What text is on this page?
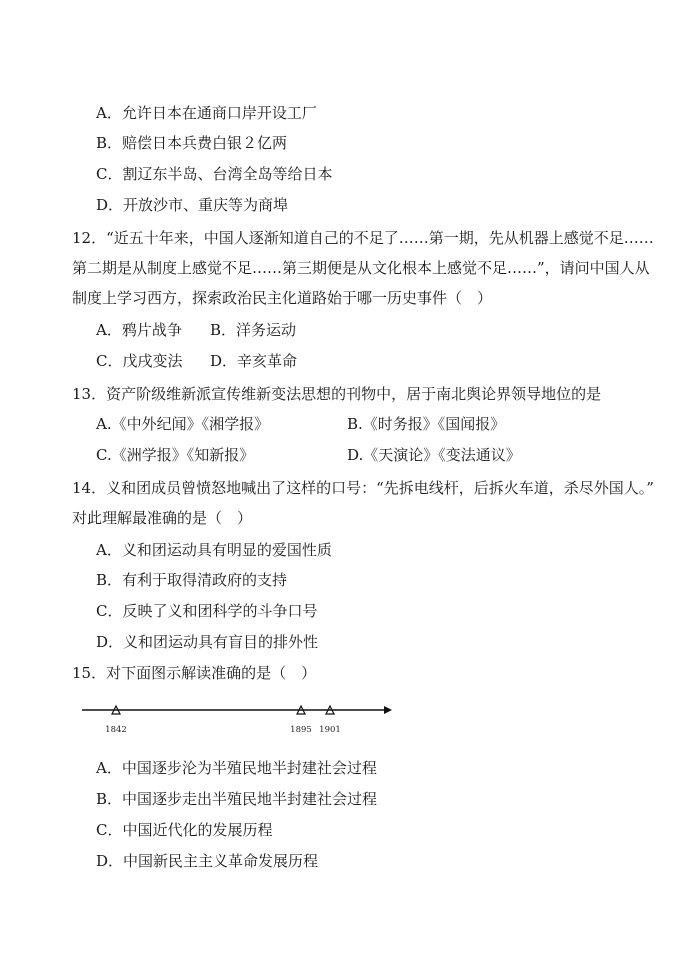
A．允许日本在通商口岸开设工厂
B．赔偿日本兵费白银２亿两
C．割辽东半岛、台湾全岛等给日本
D．开放沙市、重庆等为商埠
12．“近五十年来，中国人逐渐知道自己的不足了……第一期，先从机器上感觉不足……
第二期是从制度上感觉不足……第三期便是从文化根本上感觉不足……”，请问中国人从
制度上学习西方，探索政治民主化道路始于哪一历史事件（　）
A．鸦片战争 B．洋务运动
C．戊戌变法 D．辛亥革命
13．资产阶级维新派宣传维新变法思想的刊物中，居于南北舆论界领导地位的是
A.《中外纪闻》《湘学报》	B.《时务报》《国闻报》
C.《洲学报》《知新报》	D.《天演论》《变法通议》
14．义和团成员曾愤怒地喊出了这样的口号：“先拆电线杆，后拆火车道，杀尽外国人。”
对此理解最准确的是（　）
A．义和团运动具有明显的爱国性质
B．有利于取得清政府的支持
C．反映了义和团科学的斗争口号
D．义和团运动具有盲目的排外性
15．对下面图示解读准确的是（　）
1842	1895 1901
A．中国逐步沦为半殖民地半封建社会过程
B．中国逐步走出半殖民地半封建社会过程
C．中国近代化的发展历程
D．中国新民主主义革命发展历程
